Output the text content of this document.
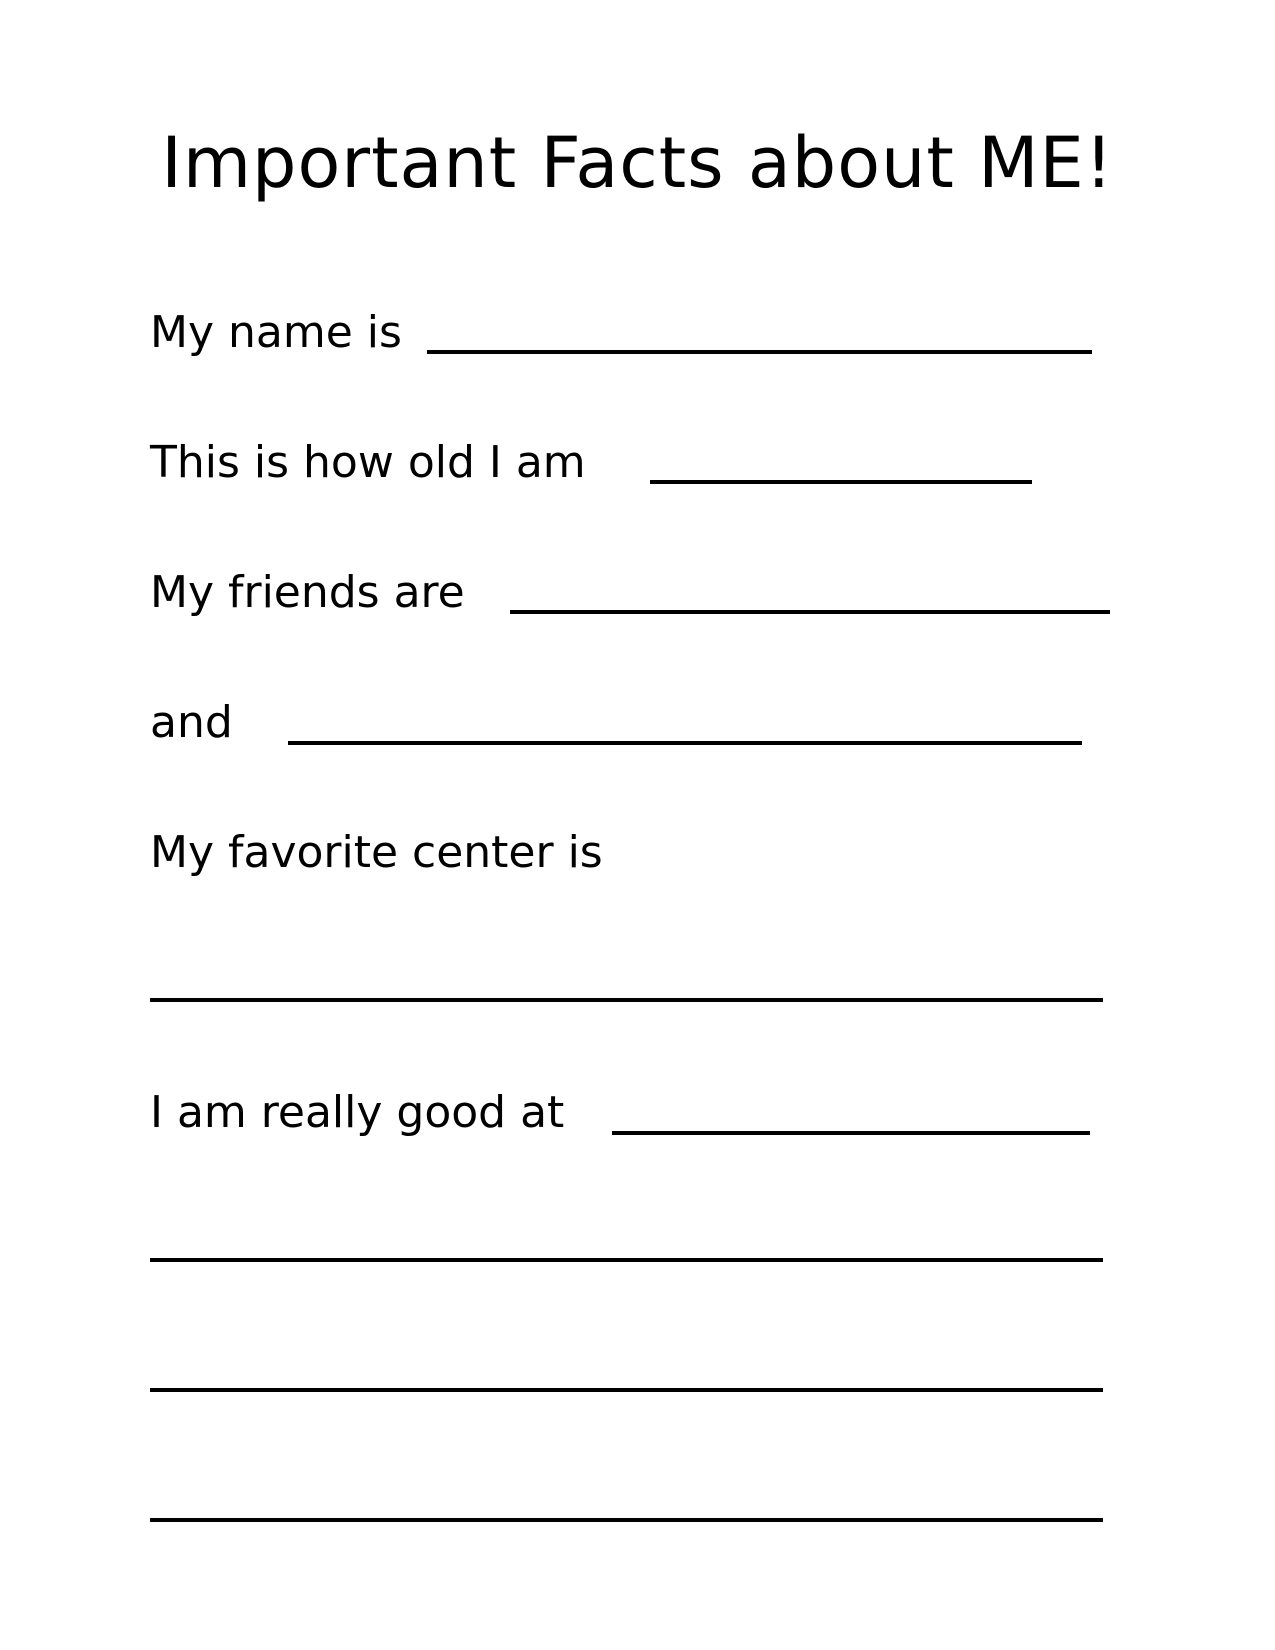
Important Facts about ME!
My name is
This is how old I am
My friends are
and
My favorite center is
I am really good at
